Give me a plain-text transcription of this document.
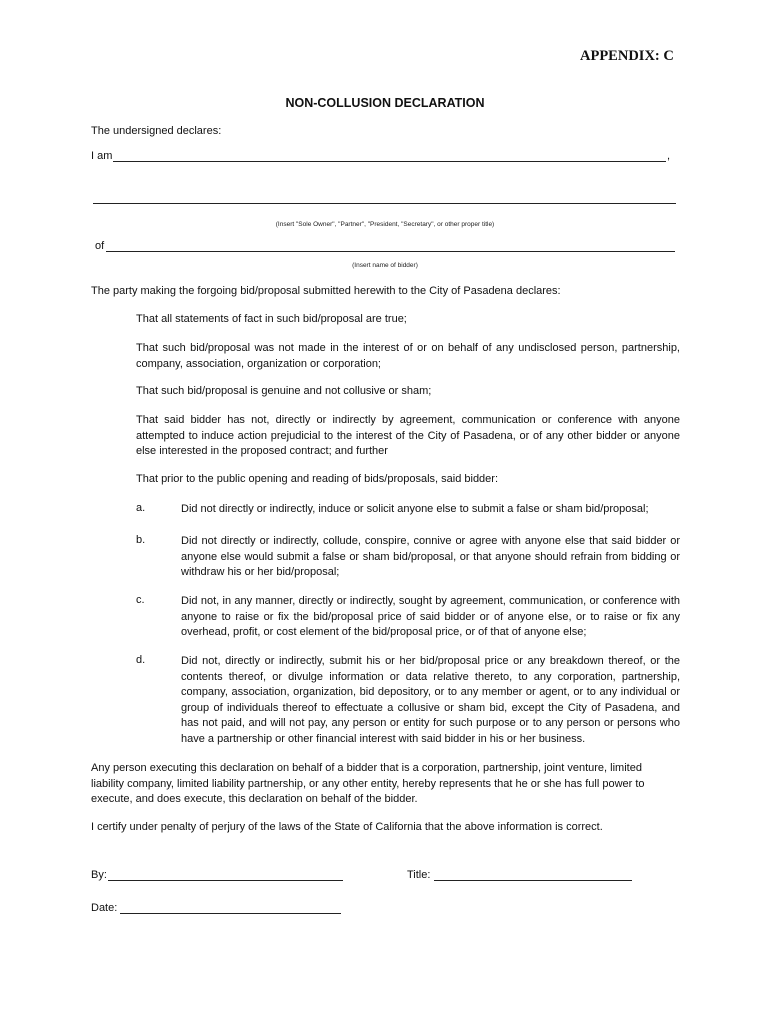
APPENDIX: C
NON-COLLUSION DECLARATION
The undersigned declares:
I am	,
(Insert "Sole Owner", "Partner", "President, "Secretary", or other proper title)
of
(Insert name of bidder)
The party making the forgoing bid/proposal submitted herewith to the City of Pasadena declares:
That all statements of fact in such bid/proposal are true;
That such bid/proposal was not made in the interest of or on behalf of any undisclosed person, partnership, company, association, organization or corporation;
That such bid/proposal is genuine and not collusive or sham;
That said bidder has not, directly or indirectly by agreement, communication or conference with anyone attempted to induce action prejudicial to the interest of the City of Pasadena, or of any other bidder or anyone else interested in the proposed contract; and further
That prior to the public opening and reading of bids/proposals, said bidder:
a.	Did not directly or indirectly, induce or solicit anyone else to submit a false or sham bid/proposal;
b.	Did not directly or indirectly, collude, conspire, connive or agree with anyone else that said bidder or anyone else would submit a false or sham bid/proposal, or that anyone should refrain from bidding or withdraw his or her bid/proposal;
c.	Did not, in any manner, directly or indirectly, sought by agreement, communication, or conference with anyone to raise or fix the bid/proposal price of said bidder or of anyone else, or to raise or fix any overhead, profit, or cost element of the bid/proposal price, or of that of anyone else;
d.	Did not, directly or indirectly, submit his or her bid/proposal price or any breakdown thereof, or the contents thereof, or divulge information or data relative thereto, to any corporation, partnership, company, association, organization, bid depository, or to any member or agent, or to any individual or group of individuals thereof to effectuate a collusive or sham bid, except the City of Pasadena, and has not paid, and will not pay, any person or entity for such purpose or to any person or persons who have a partnership or other financial interest with said bidder in his or her business.
Any person executing this declaration on behalf of a bidder that is a corporation, partnership, joint venture, limited liability company, limited liability partnership, or any other entity, hereby represents that he or she has full power to execute, and does execute, this declaration on behalf of the bidder.
I certify under penalty of perjury of the laws of the State of California that the above information is correct.
By:	Title:
Date:
